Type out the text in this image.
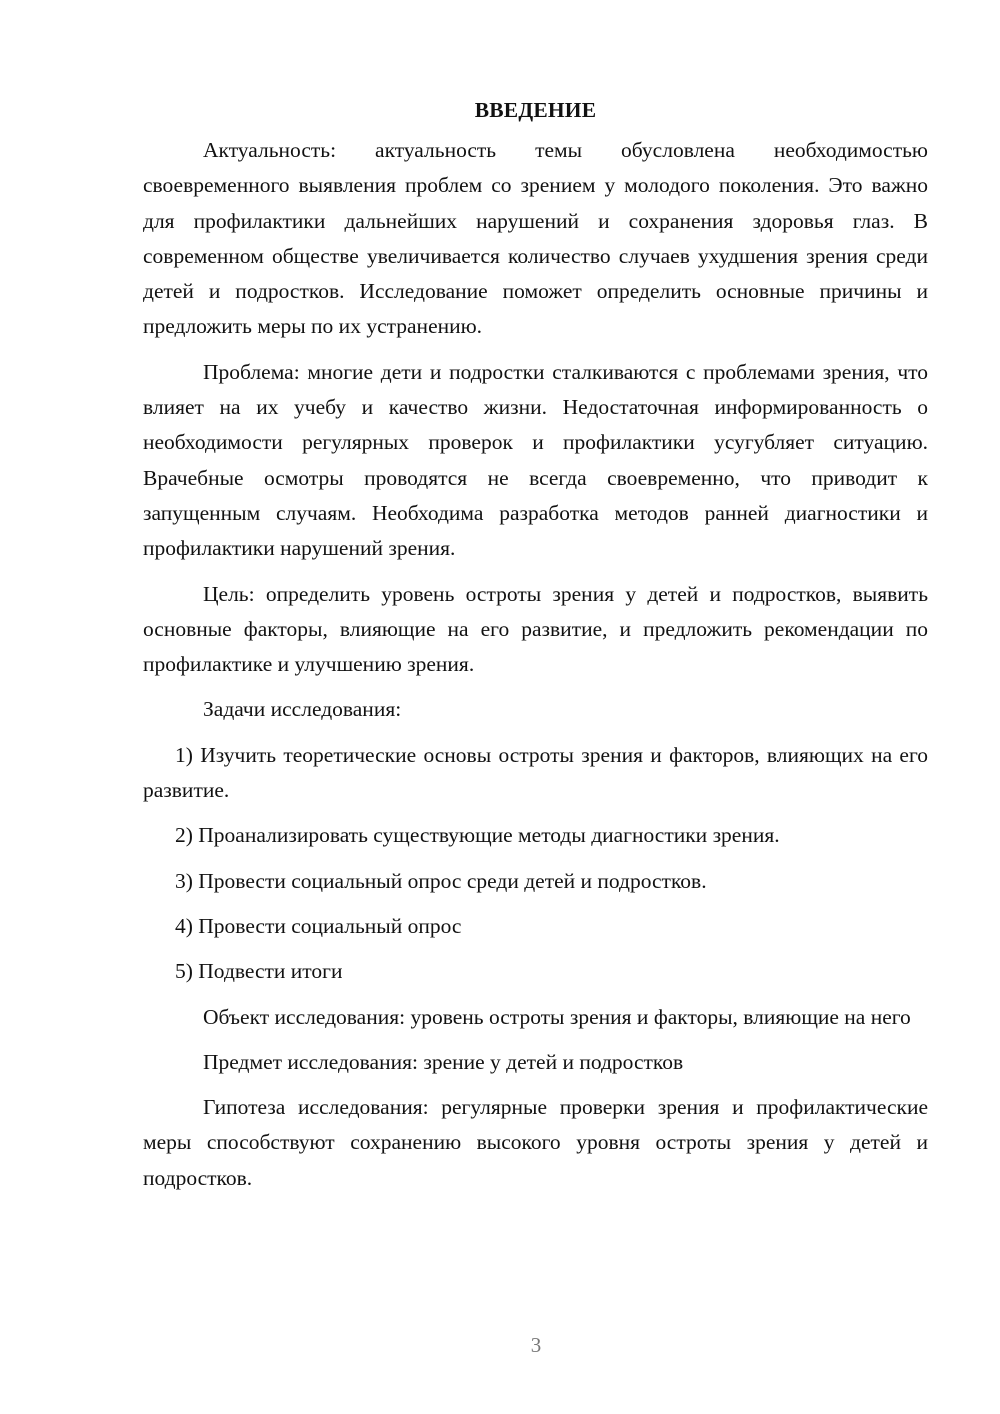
ВВЕДЕНИЕ

Актуальность: актуальность темы обусловлена необходимостью своевременного выявления проблем со зрением у молодого поколения. Это важно для профилактики дальнейших нарушений и сохранения здоровья глаз. В современном обществе увеличивается количество случаев ухудшения зрения среди детей и подростков. Исследование поможет определить основные причины и предложить меры по их устранению.

Проблема: многие дети и подростки сталкиваются с проблемами зрения, что влияет на их учебу и качество жизни. Недостаточная информированность о необходимости регулярных проверок и профилактики усугубляет ситуацию. Врачебные осмотры проводятся не всегда своевременно, что приводит к запущенным случаям. Необходима разработка методов ранней диагностики и профилактики нарушений зрения.

Цель: определить уровень остроты зрения у детей и подростков, выявить основные факторы, влияющие на его развитие, и предложить рекомендации по профилактике и улучшению зрения.

Задачи исследования:

1) Изучить теоретические основы остроты зрения и факторов, влияющих на его развитие.

2) Проанализировать существующие методы диагностики зрения.

3) Провести социальный опрос среди детей и подростков.

4) Провести социальный опрос

5) Подвести итоги

Объект исследования: уровень остроты зрения и факторы, влияющие на него

Предмет исследования: зрение у детей и подростков

Гипотеза исследования: регулярные проверки зрения и профилактические меры способствуют сохранению высокого уровня остроты зрения у детей и подростков.

3
